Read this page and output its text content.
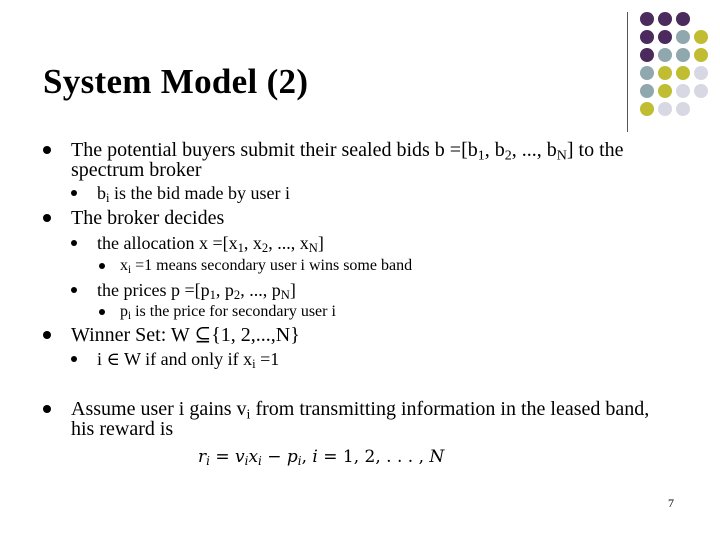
System Model (2)
The potential buyers submit their sealed bids $b =[b_1$, $b_2$, ..., $b_N$] to the
spectrum broker
$b_i$ is the bid made by user i
The broker decides
the allocation $x =[x_1$, $x_2$, ..., $x_N$]
$x_i =1$ means secondary user i wins some band
the prices $p =[p_1$, $p_2$, ..., $p_N$]
$p_i$ is the price for secondary user i
Winner Set: W ⊆{1, 2,...,N}
i ∈ W if and only if $x_i =1$
Assume user i gains $v_i$ from transmitting information in the leased band,
his reward is
$r_i = v_ix_i - p_i$, i = 1, 2, . . . , N
7
